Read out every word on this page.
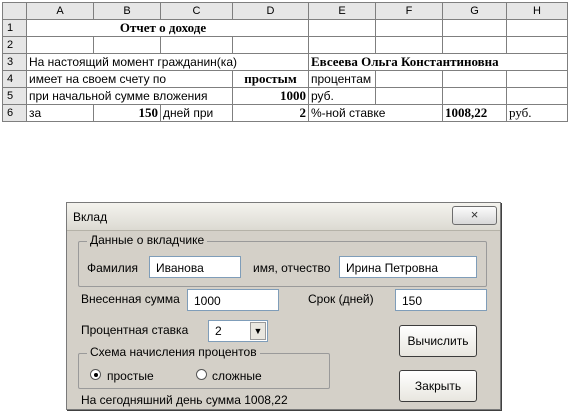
	A	B	C	D	E	F	G	H
1		Отчет о доходе						
2								
3	На настоящий момент гражданин(ка)				Евсеева Ольга Константиновна			
4	имеет на своем счету по			простым	процентам			
5	при начальной сумме вложения			1000	руб.			
6	за	150	дней при	2	%-ной ставке		1008,22	руб.
Вклад	×
Данные о вкладчике
Фамилия	Иванова	имя, отчество	Ирина Петровна
Внесенная сумма	1000	Срок (дней)	150
Процентная ставка 2	▼
Схема начисления процентов
простые	сложные
Вычислить
Закрыть
На сегодняшний день сумма 1008,22
